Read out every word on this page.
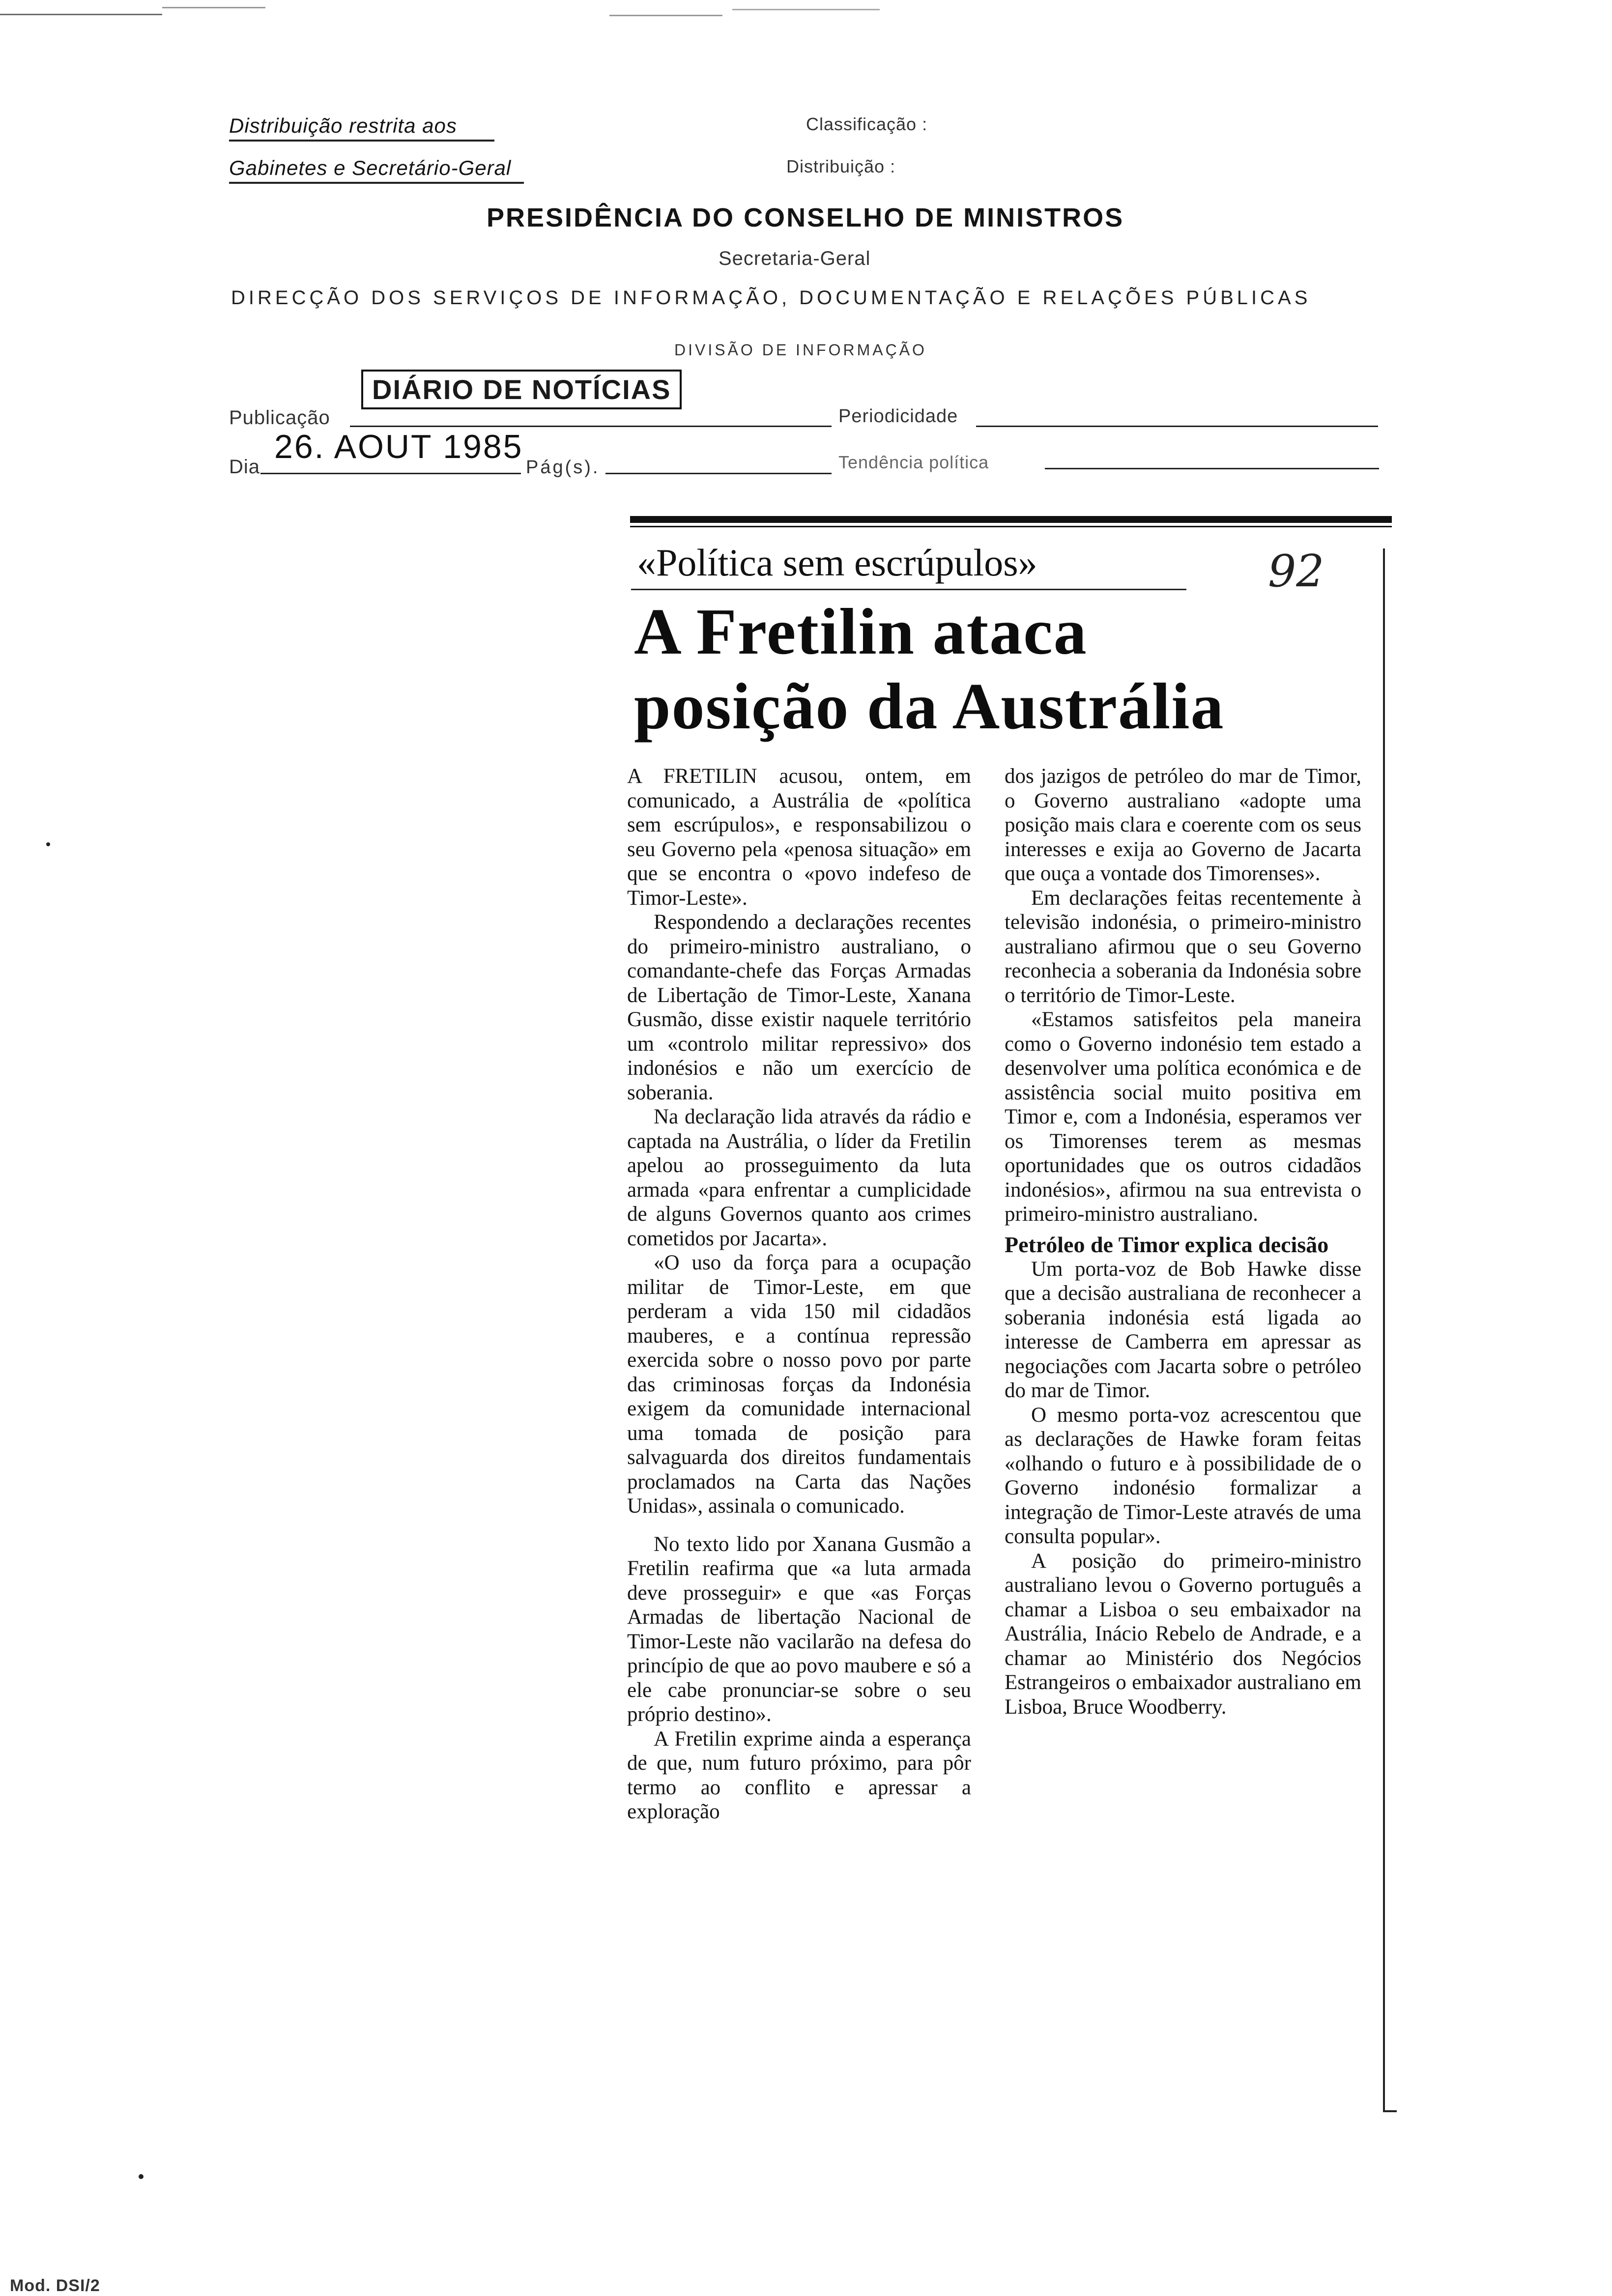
Distribuição restrita aos
Gabinetes e Secretário-Geral
Classificação :
Distribuição :
PRESIDÊNCIA DO CONSELHO DE MINISTROS
Secretaria-Geral
DIRECÇÃO DOS SERVIÇOS DE INFORMAÇÃO, DOCUMENTAÇÃO E RELAÇÕES PÚBLICAS
DIVISÃO DE INFORMAÇÃO
Publicação
DIÁRIO DE NOTÍCIAS
Periodicidade
Dia
26. AOUT 1985
Pág(s).	Tendência política
«Política sem escrúpulos»	92
A Fretilin ataca
posição da Austrália

A FRETILIN acusou, ontem, em comunicado, a Austrália de «política sem escrúpulos», e responsabilizou o seu Governo pela «penosa situação» em que se encontra o «povo indefeso de Timor-Leste».

Respondendo a declarações recentes do primeiro-ministro australiano, o comandante-chefe das Forças Armadas de Libertação de Timor-Leste, Xanana Gusmão, disse existir naquele território um «controlo militar repressivo» dos indonésios e não um exercício de soberania.

Na declaração lida através da rádio e captada na Austrália, o líder da Fretilin apelou ao prosseguimento da luta armada «para enfrentar a cumplicidade de alguns Governos quanto aos crimes cometidos por Jacarta».

«O uso da força para a ocupação militar de Timor-Leste, em que perderam a vida 150 mil cidadãos mauberes, e a contínua repressão exercida sobre o nosso povo por parte das criminosas forças da Indonésia exigem da comunidade internacional uma tomada de posição para salvaguarda dos direitos fundamentais proclamados na Carta das Nações Unidas», assinala o comunicado.

No texto lido por Xanana Gusmão a Fretilin reafirma que «a luta armada deve prosseguir» e que «as Forças Armadas de libertação Nacional de Timor-Leste não vacilarão na defesa do princípio de que ao povo maubere e só a ele cabe pronunciar-se sobre o seu próprio destino».

A Fretilin exprime ainda a esperança de que, num futuro próximo, para pôr termo ao conflito e apressar a exploração

dos jazigos de petróleo do mar de Timor, o Governo australiano «adopte uma posição mais clara e coerente com os seus interesses e exija ao Governo de Jacarta que ouça a vontade dos Timorenses».

Em declarações feitas recentemente à televisão indonésia, o primeiro-ministro australiano afirmou que o seu Governo reconhecia a soberania da Indonésia sobre o território de Timor-Leste.

«Estamos satisfeitos pela maneira como o Governo indonésio tem estado a desenvolver uma política económica e de assistência social muito positiva em Timor e, com a Indonésia, esperamos ver os Timorenses terem as mesmas oportunidades que os outros cidadãos indonésios», afirmou na sua entrevista o primeiro-ministro australiano.

Petróleo de Timor explica decisão

Um porta-voz de Bob Hawke disse que a decisão australiana de reconhecer a soberania indonésia está ligada ao interesse de Camberra em apressar as negociações com Jacarta sobre o petróleo do mar de Timor.

O mesmo porta-voz acrescentou que as declarações de Hawke foram feitas «olhando o futuro e à possibilidade de o Governo indonésio formalizar a integração de Timor-Leste através de uma consulta popular».

A posição do primeiro-ministro australiano levou o Governo português a chamar a Lisboa o seu embaixador na Austrália, Inácio Rebelo de Andrade, e a chamar ao Ministério dos Negócios Estrangeiros o embaixador australiano em Lisboa, Bruce Woodberry.

Mod. DSI/2
